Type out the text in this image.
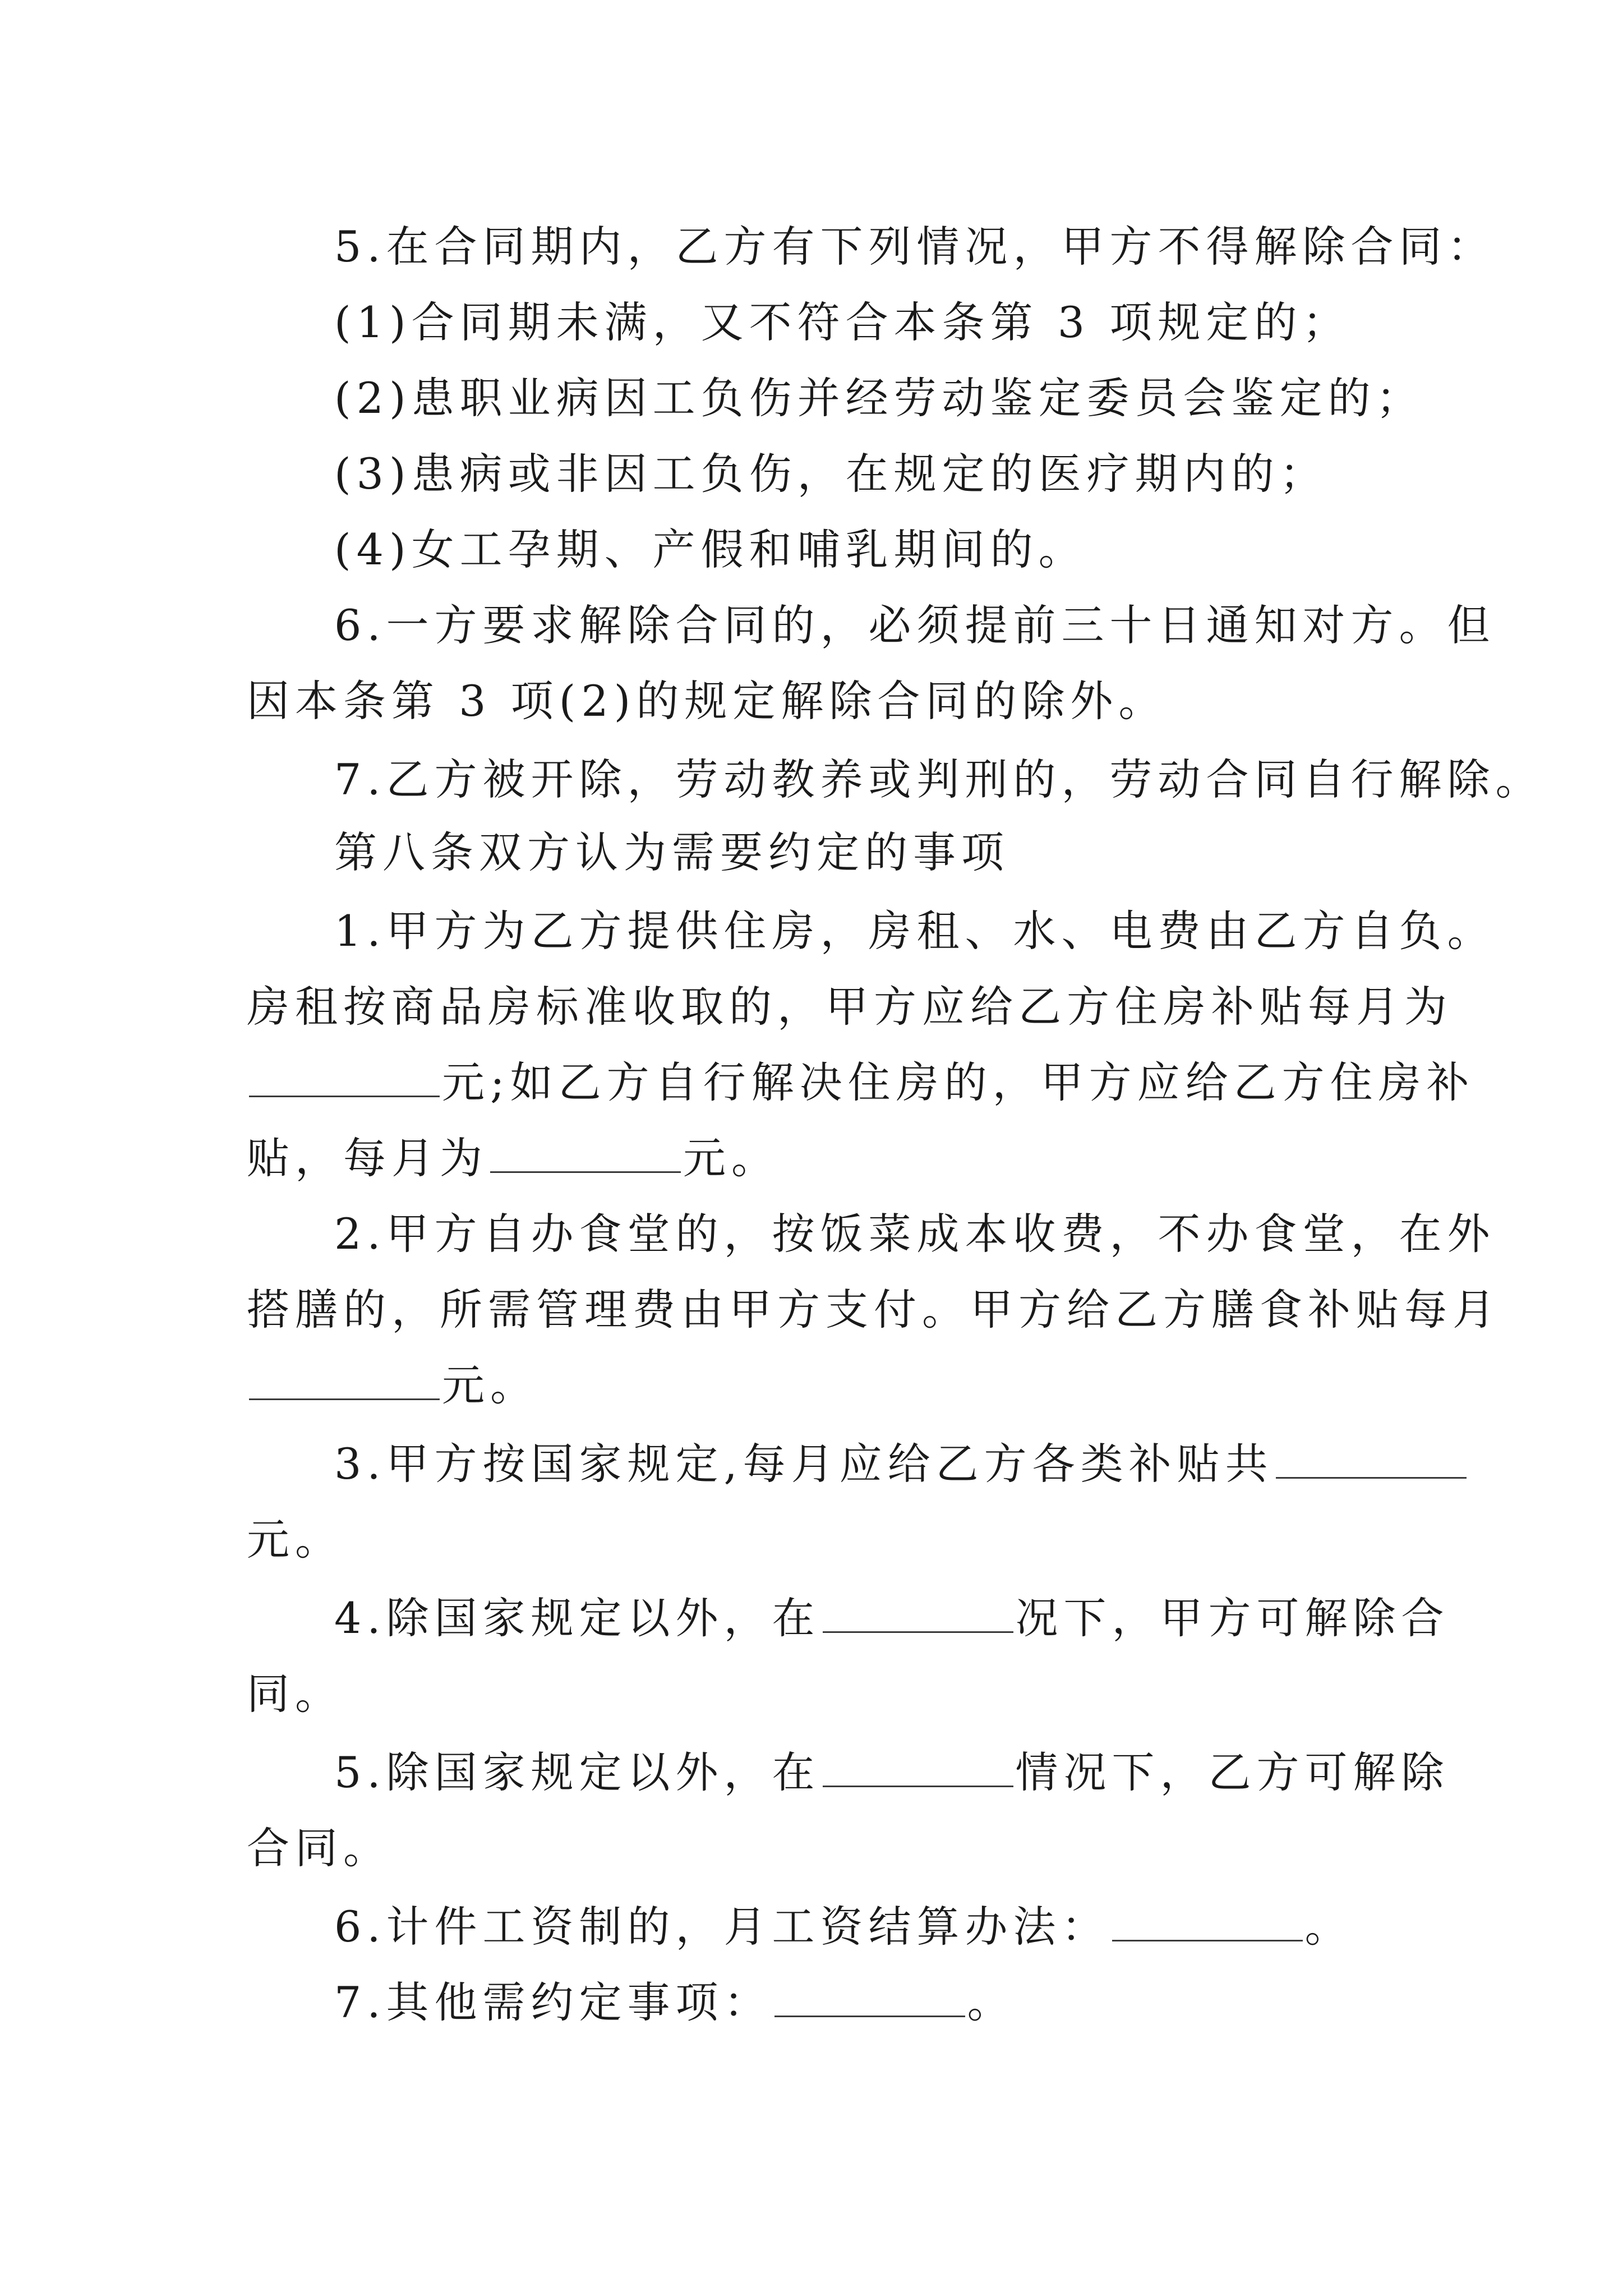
5.在合同期内，乙方有下列情况，甲方不得解除合同：
(1)合同期未满，又不符合本条第 3 项规定的；
(2)患职业病因工负伤并经劳动鉴定委员会鉴定的；
(3)患病或非因工负伤，在规定的医疗期内的；
(4)女工孕期、产假和哺乳期间的。
6.一方要求解除合同的，必须提前三十日通知对方。但
因本条第 3 项(2)的规定解除合同的除外。
7.乙方被开除，劳动教养或判刑的，劳动合同自行解除。
第八条双方认为需要约定的事项
1.甲方为乙方提供住房，房租、水、电费由乙方自负。
房租按商品房标准收取的，甲方应给乙方住房补贴每月为
元;如乙方自行解决住房的，甲方应给乙方住房补
贴，每月为	元。
2.甲方自办食堂的，按饭菜成本收费，不办食堂，在外
搭膳的，所需管理费由甲方支付。甲方给乙方膳食补贴每月
元。
3.甲方按国家规定,每月应给乙方各类补贴共
元。
4.除国家规定以外，在	况下，甲方可解除合
同。
5.除国家规定以外，在	情况下，乙方可解除
合同。
6.计件工资制的，月工资结算办法：	。
7.其他需约定事项：	。
